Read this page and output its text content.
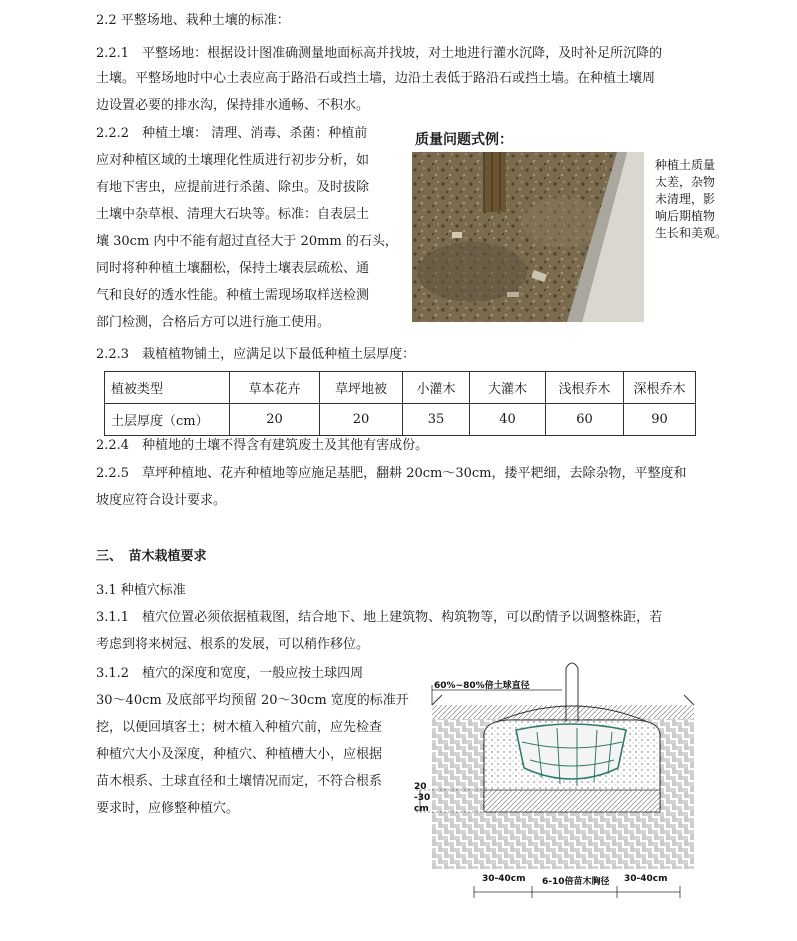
2.2 平整场地、栽种土壤的标准：
2.2.1　平整场地：根据设计图准确测量地面标高并找坡，对土地进行灌水沉降，及时补足所沉降的
土壤。平整场地时中心土表应高于路沿石或挡土墙，边沿土表低于路沿石或挡土墙。在种植土壤周
边设置必要的排水沟，保持排水通畅、不积水。
2.2.2　种植土壤： 清理、消毒、杀菌：种植前
应对种植区域的土壤理化性质进行初步分析，如
有地下害虫，应提前进行杀菌、除虫。及时拔除
土壤中杂草根、清理大石块等。标准：自表层土
壤 30cm 内中不能有超过直径大于 20mm 的石头，
同时将种种植土壤翻松，保持土壤表层疏松、通
气和良好的透水性能。种植土需现场取样送检测
部门检测，合格后方可以进行施工使用。
质量问题式例：
种植土质量
太差，杂物
未清理，影
响后期植物
生长和美观。
2.2.3　栽植植物铺土，应满足以下最低种植土层厚度：
植被类型	草本花卉	草坪地被	小灌木	大灌木	浅根乔木	深根乔木
土层厚度（cm）	20	20	35	40	60	90
2.2.4　种植地的土壤不得含有建筑废土及其他有害成份。
2.2.5　草坪种植地、花卉种植地等应施足基肥，翻耕 20cm～30cm，搂平耙细，去除杂物，平整度和
坡度应符合设计要求。
三、　苗木栽植要求
3.1 种植穴标准
3.1.1　植穴位置必须依据植栽图，结合地下、地上建筑物、构筑物等，可以酌情予以调整株距，若
考虑到将来树冠、根系的发展，可以稍作移位。
3.1.2　植穴的深度和宽度，一般应按土球四周
30～40cm 及底部平均预留 20～30cm 宽度的标准开
挖，以便回填客土；树木植入种植穴前，应先检查
种植穴大小及深度，种植穴、种植槽大小，应根据
苗木根系、土球直径和土壤情况而定，不符合根系
要求时，应修整种植穴。
60%~80%倍土球直径
20
-30
cm
30-40cm 6-10倍苗木胸径 30-40cm
